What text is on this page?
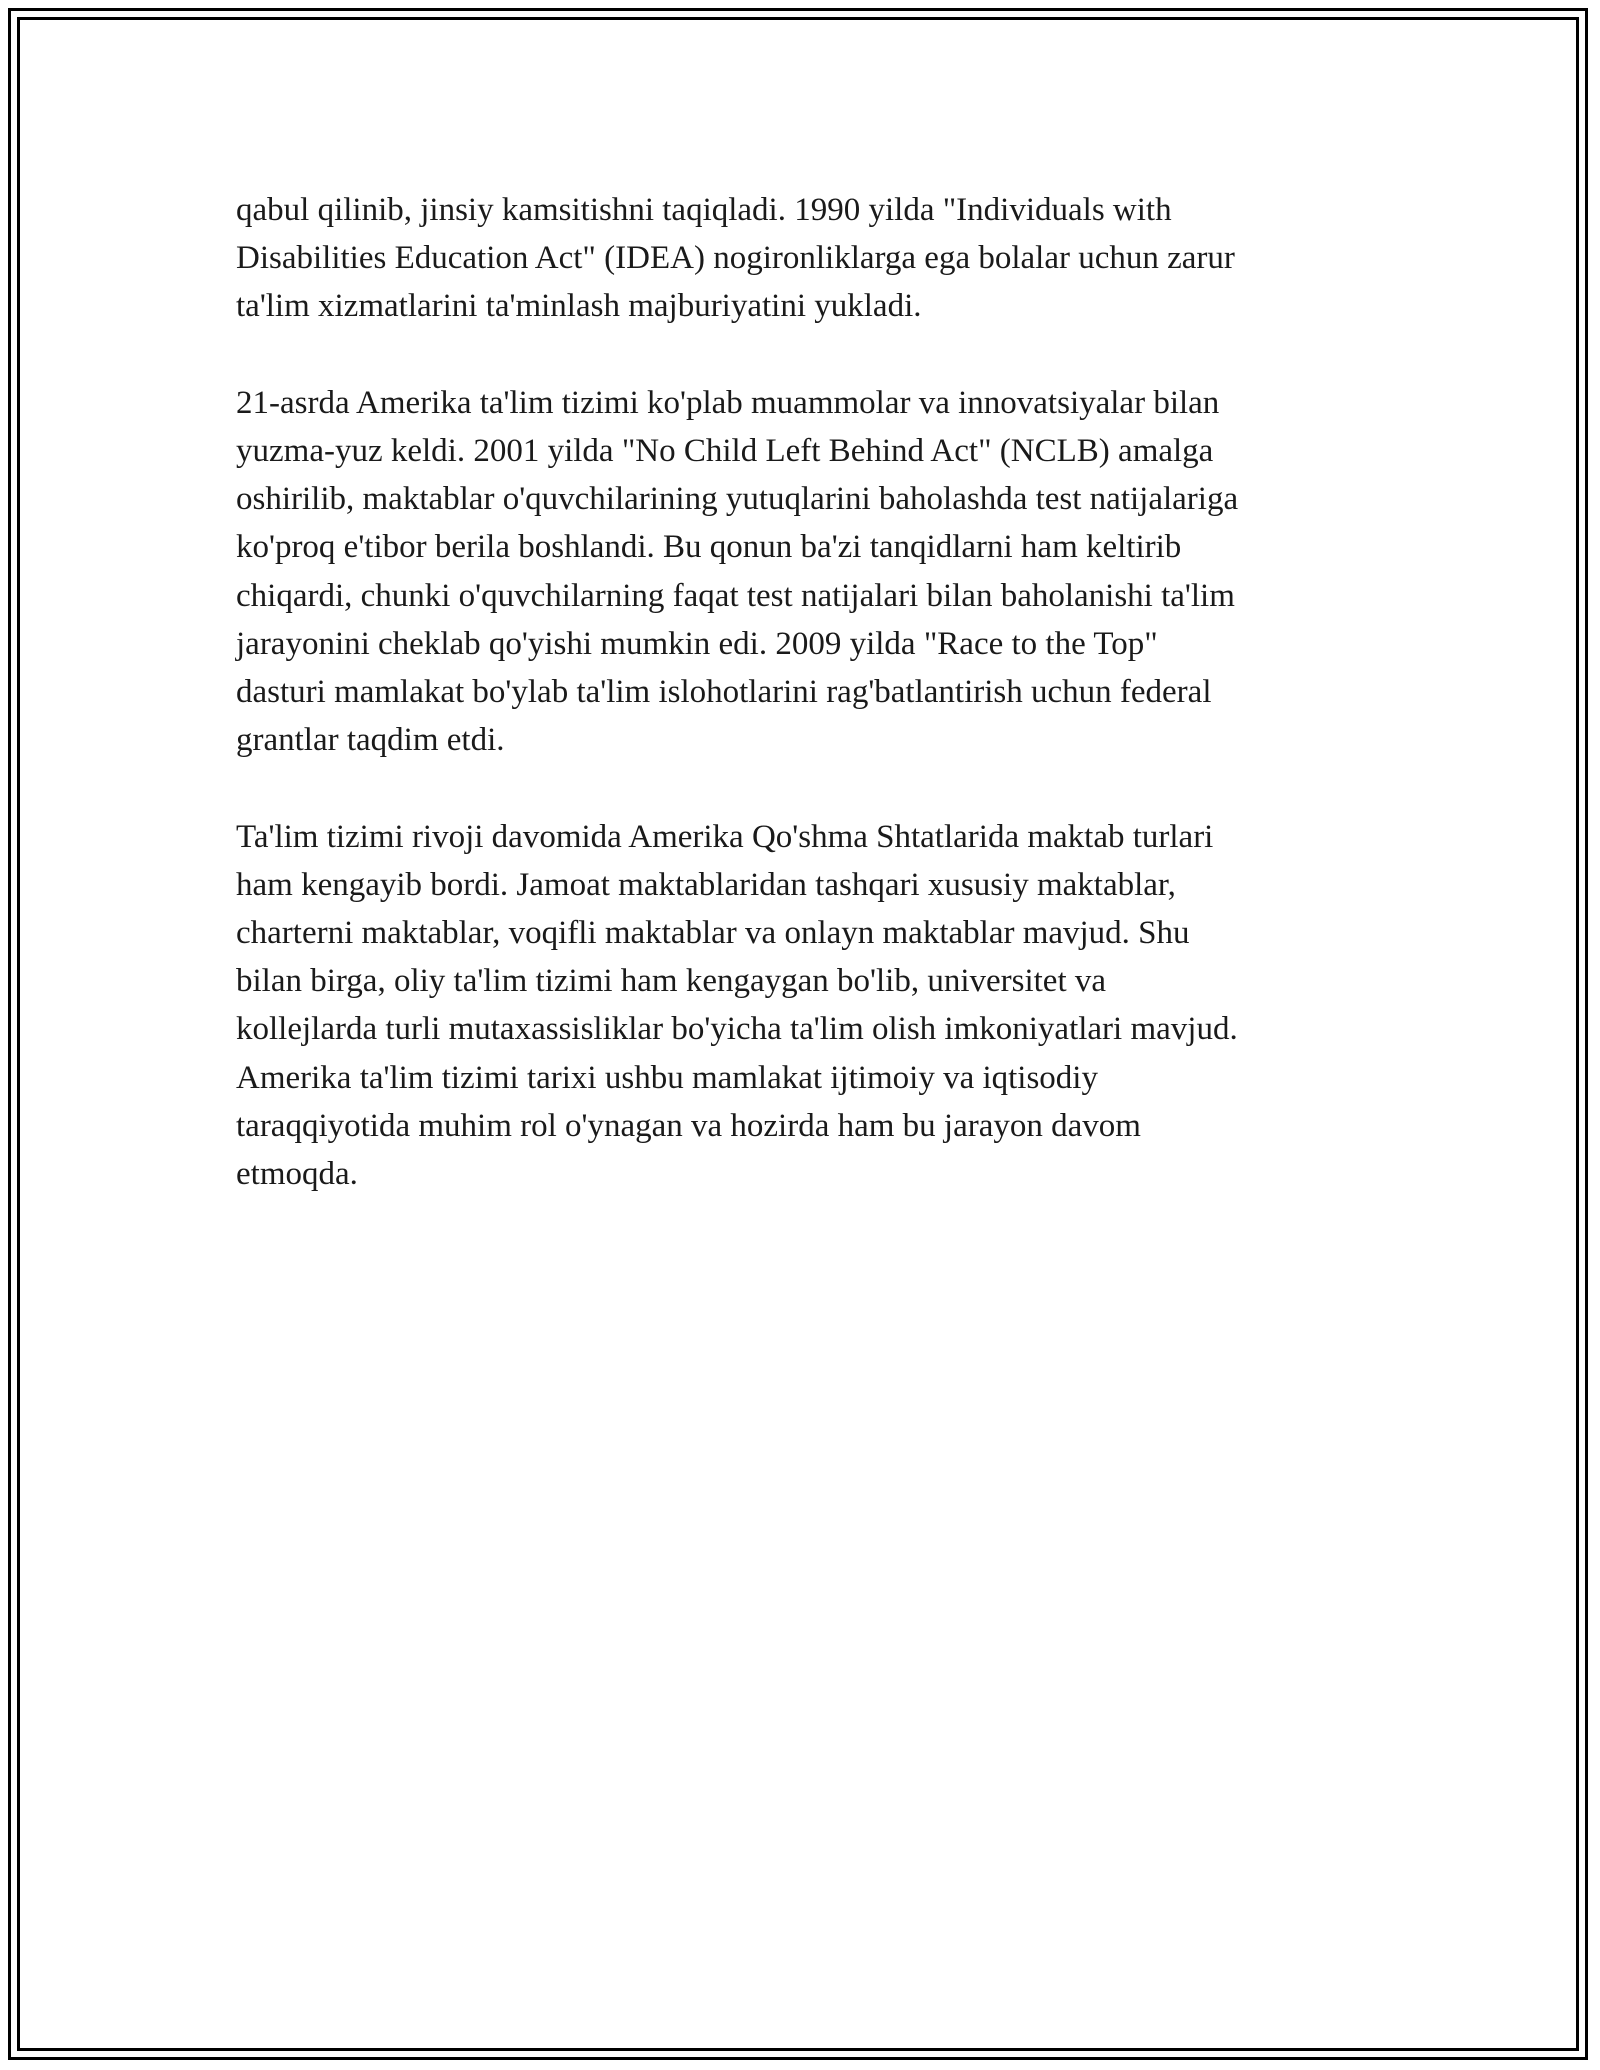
qabul qilinib, jinsiy kamsitishni taqiqladi. 1990 yilda "Individuals with
Disabilities Education Act" (IDEA) nogironliklarga ega bolalar uchun zarur
ta'lim xizmatlarini ta'minlash majburiyatini yukladi.

21-asrda Amerika ta'lim tizimi ko'plab muammolar va innovatsiyalar bilan
yuzma-yuz keldi. 2001 yilda "No Child Left Behind Act" (NCLB) amalga
oshirilib, maktablar o'quvchilarining yutuqlarini baholashda test natijalariga
ko'proq e'tibor berila boshlandi. Bu qonun ba'zi tanqidlarni ham keltirib
chiqardi, chunki o'quvchilarning faqat test natijalari bilan baholanishi ta'lim
jarayonini cheklab qo'yishi mumkin edi. 2009 yilda "Race to the Top"
dasturi mamlakat bo'ylab ta'lim islohotlarini rag'batlantirish uchun federal
grantlar taqdim etdi.

Ta'lim tizimi rivoji davomida Amerika Qo'shma Shtatlarida maktab turlari
ham kengayib bordi. Jamoat maktablaridan tashqari xususiy maktablar,
charterni maktablar, voqifli maktablar va onlayn maktablar mavjud. Shu
bilan birga, oliy ta'lim tizimi ham kengaygan bo'lib, universitet va
kollejlarda turli mutaxassisliklar bo'yicha ta'lim olish imkoniyatlari mavjud.
Amerika ta'lim tizimi tarixi ushbu mamlakat ijtimoiy va iqtisodiy
taraqqiyotida muhim rol o'ynagan va hozirda ham bu jarayon davom
etmoqda.
